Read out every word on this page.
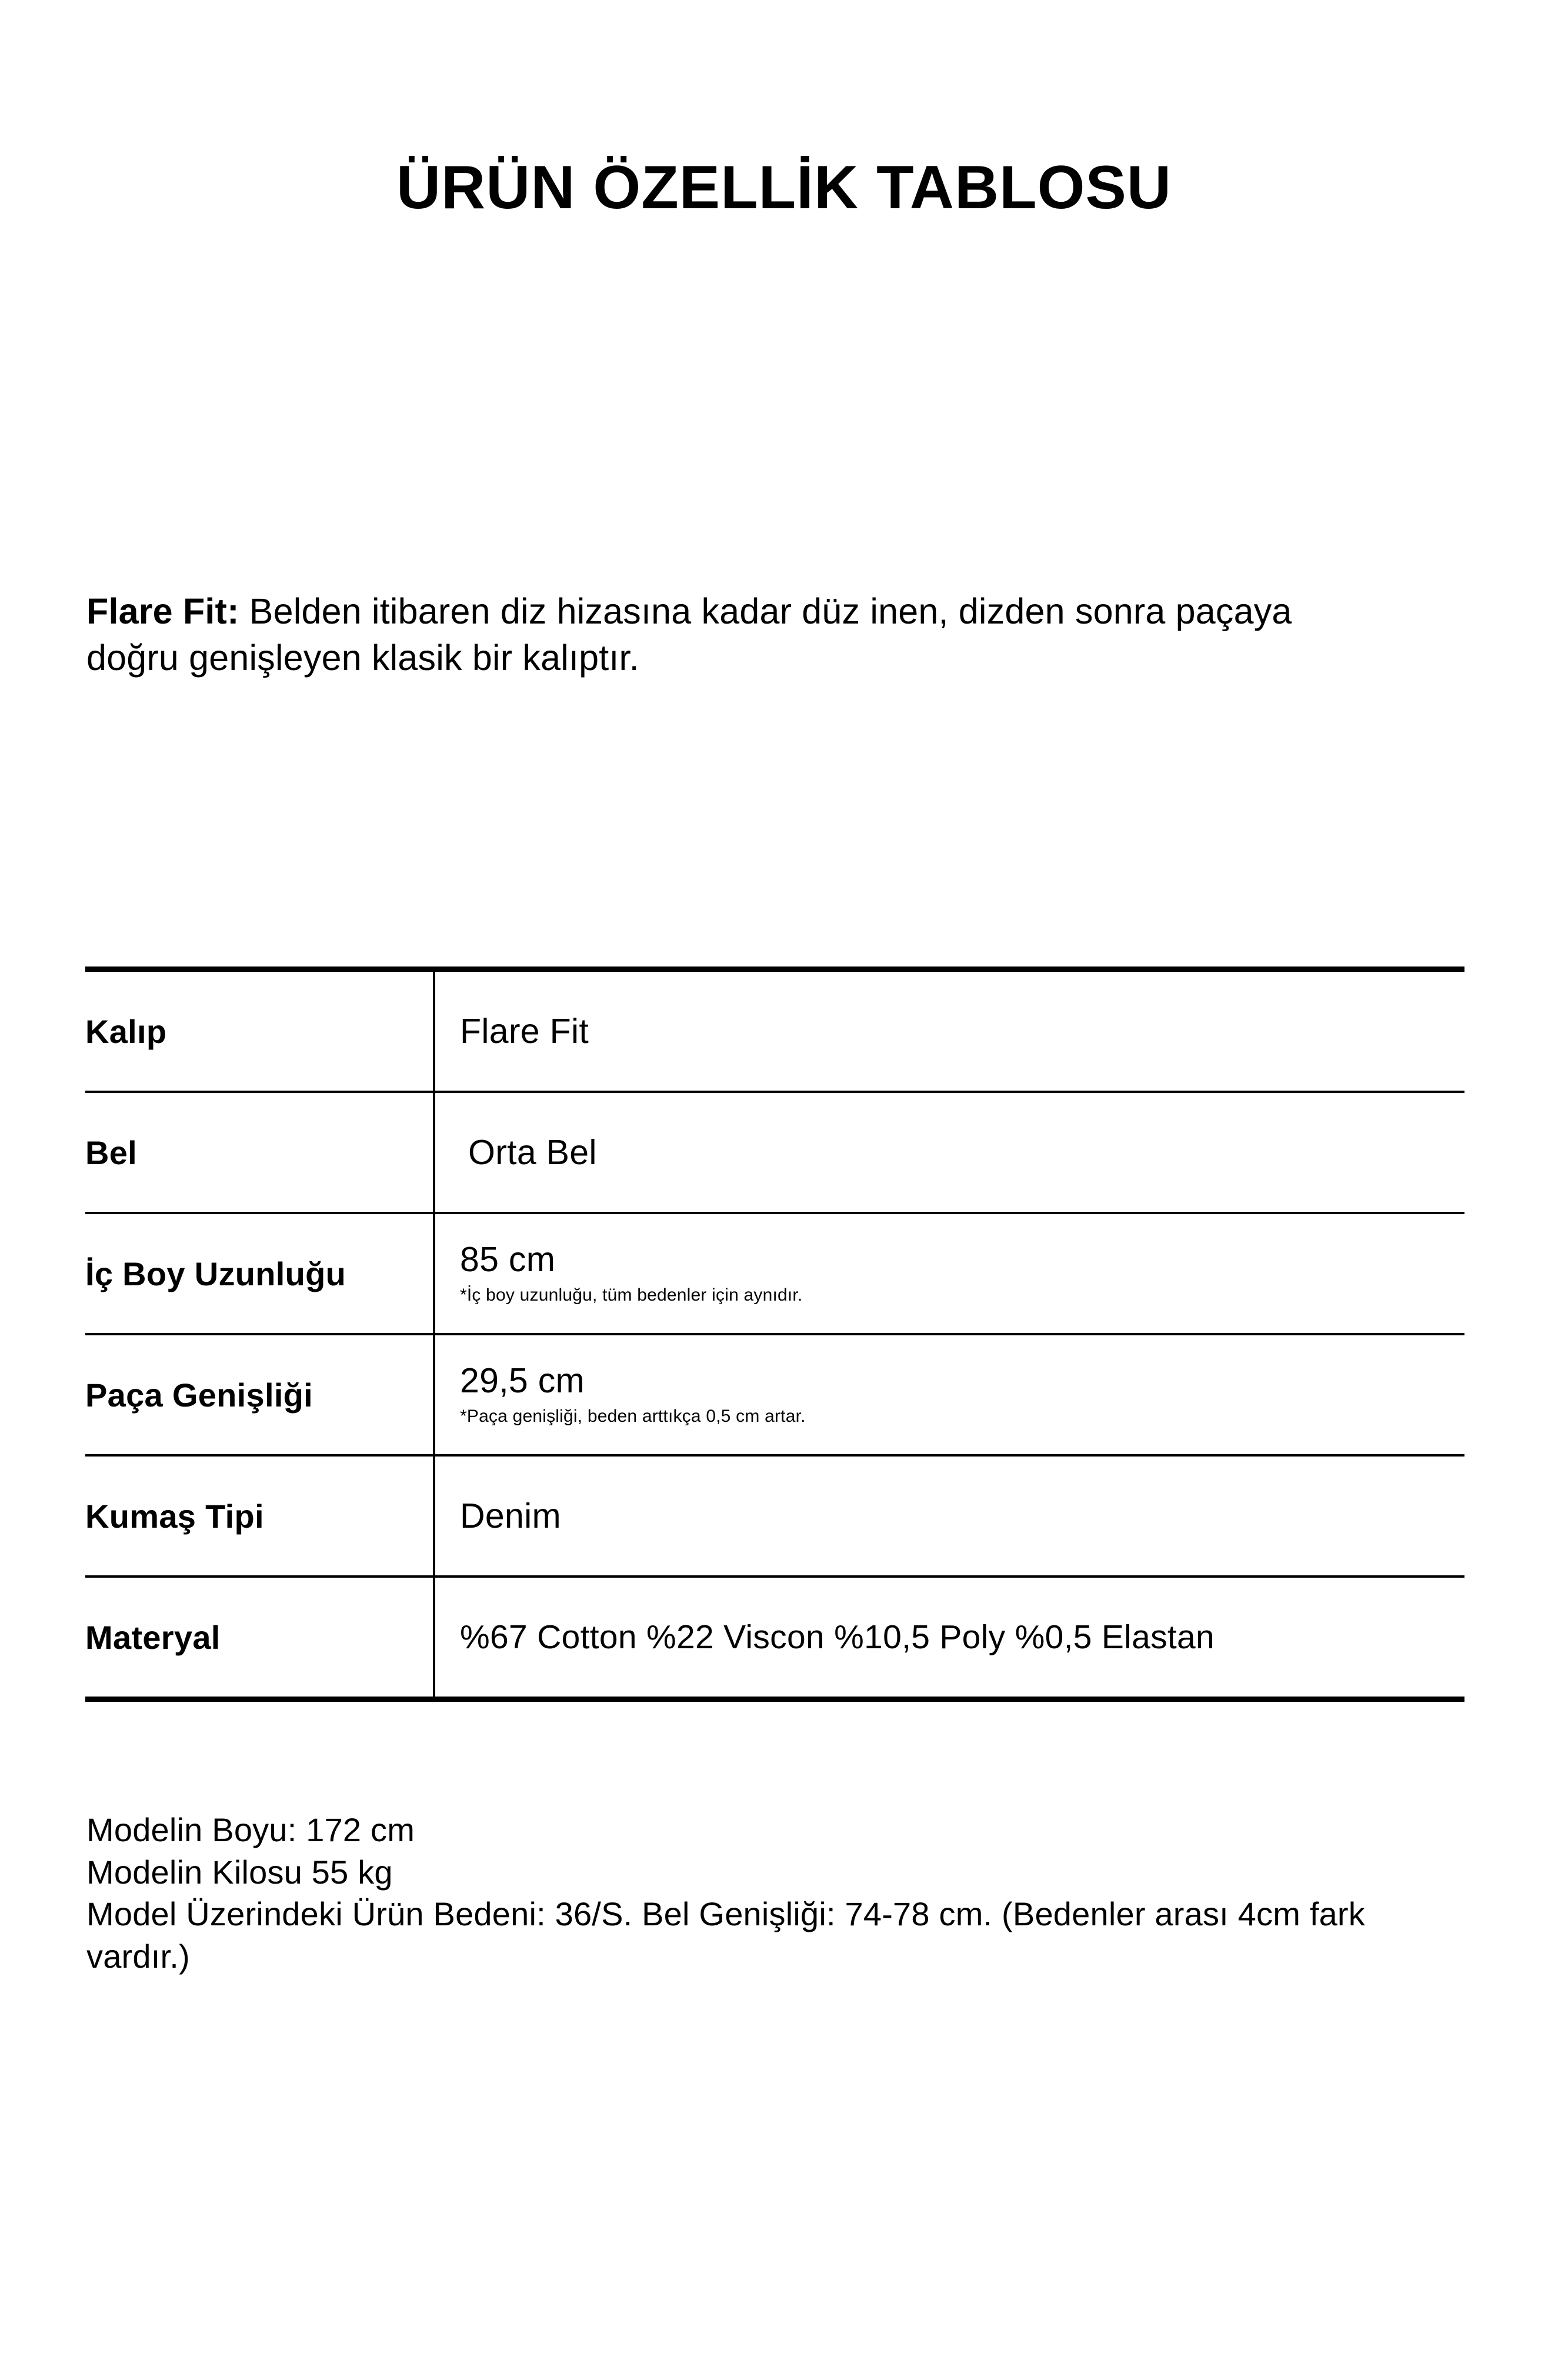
ÜRÜN ÖZELLİK TABLOSU
Flare Fit: Belden itibaren diz hizasına kadar düz inen, dizden sonra paçaya doğru genişleyen klasik bir kalıptır.
Kalıp	Flare Fit
Bel	Orta Bel
İç Boy Uzunluğu	85 cm
*İç boy uzunluğu, tüm bedenler için aynıdır.
Paça Genişliği	29,5 cm
*Paça genişliği, beden arttıkça 0,5 cm artar.
Kumaş Tipi	Denim
Materyal	%67 Cotton %22 Viscon %10,5 Poly %0,5 Elastan
Modelin Boyu: 172 cm
Modelin Kilosu 55 kg
Model Üzerindeki Ürün Bedeni: 36/S. Bel Genişliği: 74-78 cm. (Bedenler arası 4cm fark vardır.)
